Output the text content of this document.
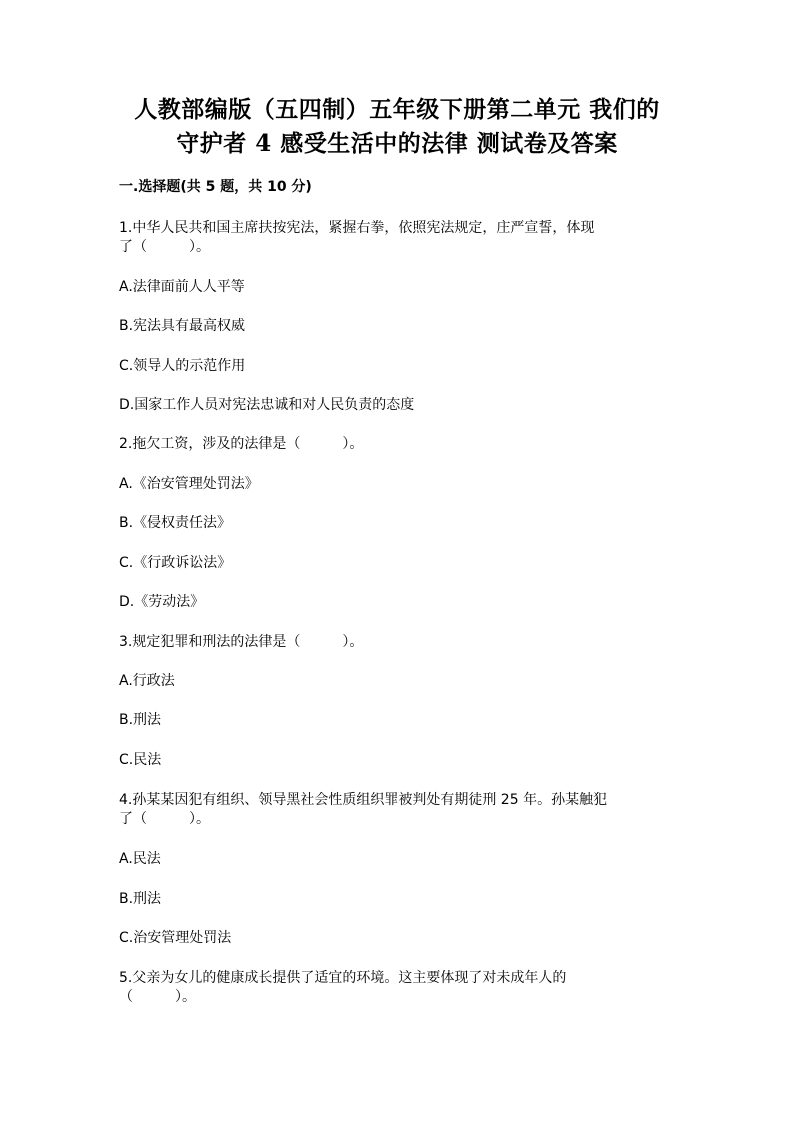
人教部编版（五四制）五年级下册第二单元 我们的
守护者 4 感受生活中的法律 测试卷及答案
一.选择题(共 5 题，共 10 分)
1.中华人民共和国主席扶按宪法，紧握右拳，依照宪法规定，庄严宣誓，体现
了（　　　）。
A.法律面前人人平等
B.宪法具有最高权威
C.领导人的示范作用
D.国家工作人员对宪法忠诚和对人民负责的态度
2.拖欠工资，涉及的法律是（　　　）。
A.《治安管理处罚法》
B.《侵权责任法》
C.《行政诉讼法》
D.《劳动法》
3.规定犯罪和刑法的法律是（　　　）。
A.行政法
B.刑法
C.民法
4.孙某某因犯有组织、领导黑社会性质组织罪被判处有期徒刑 25 年。孙某触犯
了（　　　）。
A.民法
B.刑法
C.治安管理处罚法
5.父亲为女儿的健康成长提供了适宜的环境。这主要体现了对未成年人的
（　　　）。
